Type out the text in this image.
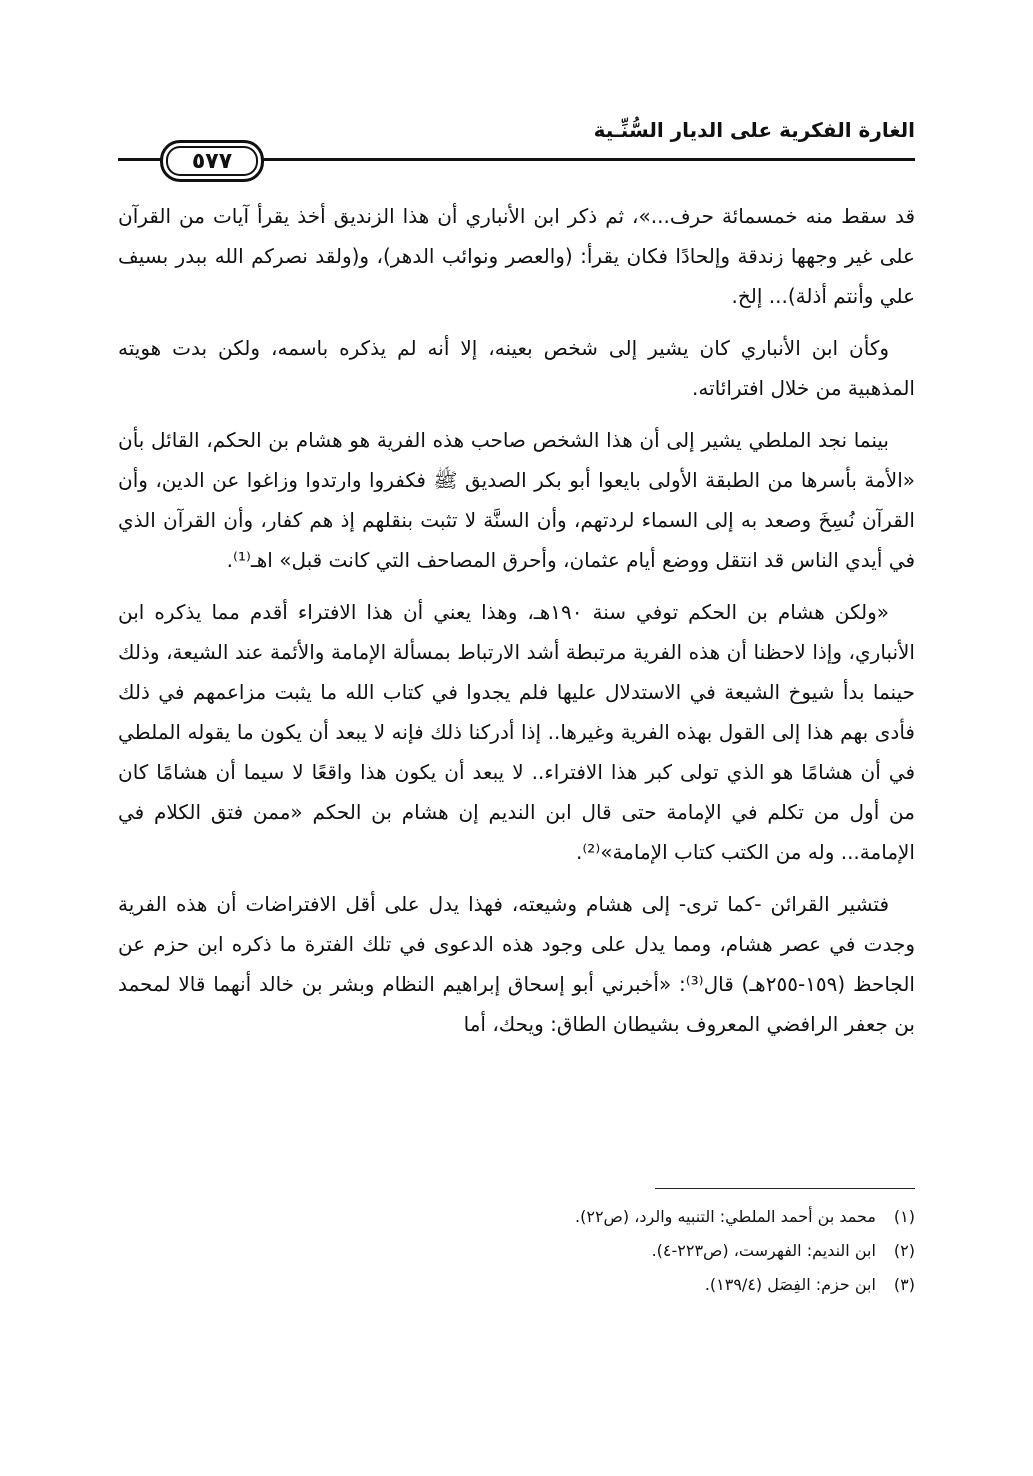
الغارة الفكرية على الديار السُّنِّـية
٥٧٧

قد سقط منه خمسمائة حرف...»، ثم ذكر ابن الأنباري أن هذا الزنديق أخذ يقرأ آيات من القرآن على غير وجهها زندقة وإلحادًا فكان يقرأ: (والعصر ونوائب الدهر)، و(ولقد نصركم الله ببدر بسيف علي وأنتم أذلة)... إلخ.

وكأن ابن الأنباري كان يشير إلى شخص بعينه، إلا أنه لم يذكره باسمه، ولكن بدت هويته المذهبية من خلال افترائاته.

بينما نجد الملطي يشير إلى أن هذا الشخص صاحب هذه الفرية هو هشام بن الحكم، القائل بأن «الأمة بأسرها من الطبقة الأولى بايعوا أبو بكر الصديق ﷺ فكفروا وارتدوا وزاغوا عن الدين، وأن القرآن نُسِخَ وصعد به إلى السماء لردتهم، وأن السنَّة لا تثبت بنقلهم إذ هم كفار، وأن القرآن الذي في أيدي الناس قد انتقل ووضع أيام عثمان، وأحرق المصاحف التي كانت قبل» اهـ⁽¹⁾.

«ولكن هشام بن الحكم توفي سنة ١٩٠هـ، وهذا يعني أن هذا الافتراء أقدم مما يذكره ابن الأنباري، وإذا لاحظنا أن هذه الفرية مرتبطة أشد الارتباط بمسألة الإمامة والأئمة عند الشيعة، وذلك حينما بدأ شيوخ الشيعة في الاستدلال عليها فلم يجدوا في كتاب الله ما يثبت مزاعمهم في ذلك فأدى بهم هذا إلى القول بهذه الفرية وغيرها.. إذا أدركنا ذلك فإنه لا يبعد أن يكون ما يقوله الملطي في أن هشامًا هو الذي تولى كبر هذا الافتراء.. لا يبعد أن يكون هذا واقعًا لا سيما أن هشامًا كان من أول من تكلم في الإمامة حتى قال ابن النديم إن هشام بن الحكم «ممن فتق الكلام في الإمامة... وله من الكتب كتاب الإمامة»⁽²⁾.

فتشير القرائن -كما ترى- إلى هشام وشيعته، فهذا يدل على أقل الافتراضات أن هذه الفرية وجدت في عصر هشام، ومما يدل على وجود هذه الدعوى في تلك الفترة ما ذكره ابن حزم عن الجاحظ (١٥٩-٢٥٥هـ) قال⁽³⁾: «أخبرني أبو إسحاق إبراهيم النظام وبشر بن خالد أنهما قالا لمحمد بن جعفر الرافضي المعروف بشيطان الطاق: ويحك، أما

(١) محمد بن أحمد الملطي: التنبيه والرد، (ص٢٢).
(٢) ابن النديم: الفهرست، (ص٢٢٣-٤).
(٣) ابن حزم: الفِصَل (١٣٩/٤).
